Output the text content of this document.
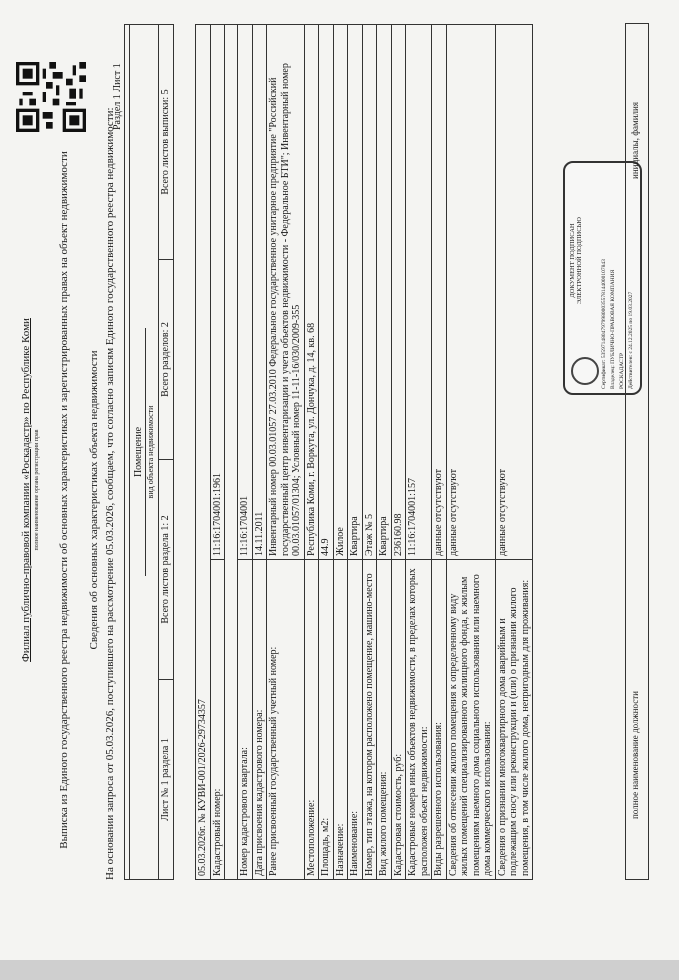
Филиал публично-правовой компании «Роскадастр» по Республике Коми полное наименование органа регистрации прав Выписка из Единого государственного реестра недвижимости об основных характеристиках и зарегистрированных правах на объект недвижимости Сведения об основных характеристиках объекта недвижимости На основании запроса от 05.03.2026, поступившего на рассмотрение 05.03.2026, сообщаем, что согласно записям Единого государственного реестра недвижимости:
Раздел 1 Лист 1

Помещение вид объекта недвижимости

Лист № 1 раздела 1	Всего листов раздела 1: 2	Всего разделов: 2	Всего листов выписки: 5
05.03.2026г. № КУВИ-001/2026-29734357	
Кадастровый номер:	11:16:1704001:1961

Номер кадастрового квартала:	11:16:1704001
Дата присвоения кадастрового номера:	14.11.2011
Ранее присвоенный государственный учетный номер:	Инвентарный номер 00.03.01057 27.03.2010 Федеральное государственное унитарное предприятие "Российский государственный центр инвентаризации и учета объектов недвижимости - Федеральное БТИ"; Инвентарный номер 00.03.01057/01304; Условный номер 11-11-16/030/2009-355
Местоположение:	Республика Коми, г. Воркута, ул. Дончука, д. 14, кв. 68
Площадь, м2:	44.9
Назначение:	Жилое
Наименование:	Квартира
Номер, тип этажа, на котором расположено помещение, машино-место	Этаж № 5
Вид жилого помещения:	Квартира
Кадастровая стоимость, руб:	236160.98
Кадастровые номера иных объектов недвижимости, в пределах которых расположен объект недвижимости:	11:16:1704001:157
Виды разрешенного использования:	данные отсутствуют
Сведения об отнесении жилого помещения к определенному виду жилых помещений специализированного жилищного фонда, к жилым помещениям наемного дома социального использования или наемного дома коммерческого использования:	данные отсутствуют
Сведения о признании многоквартирного дома аварийным и подлежащим сносу или реконструкции и (или) о признании жилого помещения, в том числе жилого дома, непригодным для проживания:	данные отсутствуют
ДОКУМЕНТ ПОДПИСАН ЭЛЕКТРОННОЙ ПОДПИСЬЮ	Сертификат: 535971480479799800035578144000107843 Владелец: ПУБЛИЧНО-ПРАВОВАЯ КОМПАНИЯ РОСКАДАСТР Действителен: с 24.12.2025 по 19.03.2027
полное наименование должности
инициалы, фамилия
